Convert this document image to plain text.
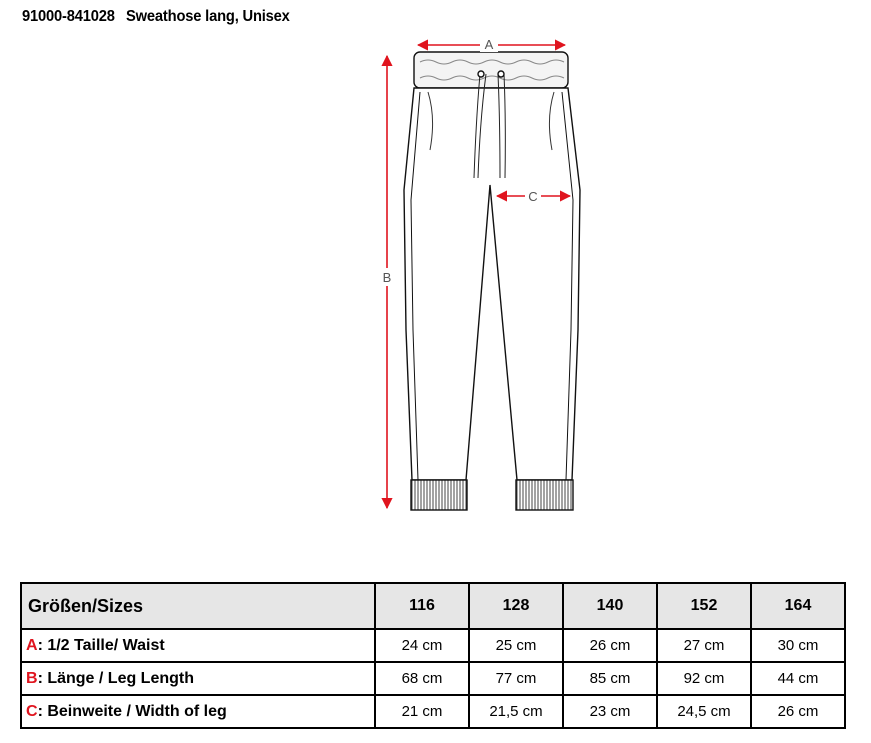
91000-841028 Sweathose lang, Unisex
A
B
C
Größen/Sizes	116	128	140	152	164
A: 1/2 Taille/ Waist	24 cm	25 cm	26 cm	27 cm	30 cm
B: Länge / Leg Length	68 cm	77 cm	85 cm	92 cm	44 cm
C: Beinweite / Width of leg	21 cm	21,5 cm	23 cm	24,5 cm	26 cm
